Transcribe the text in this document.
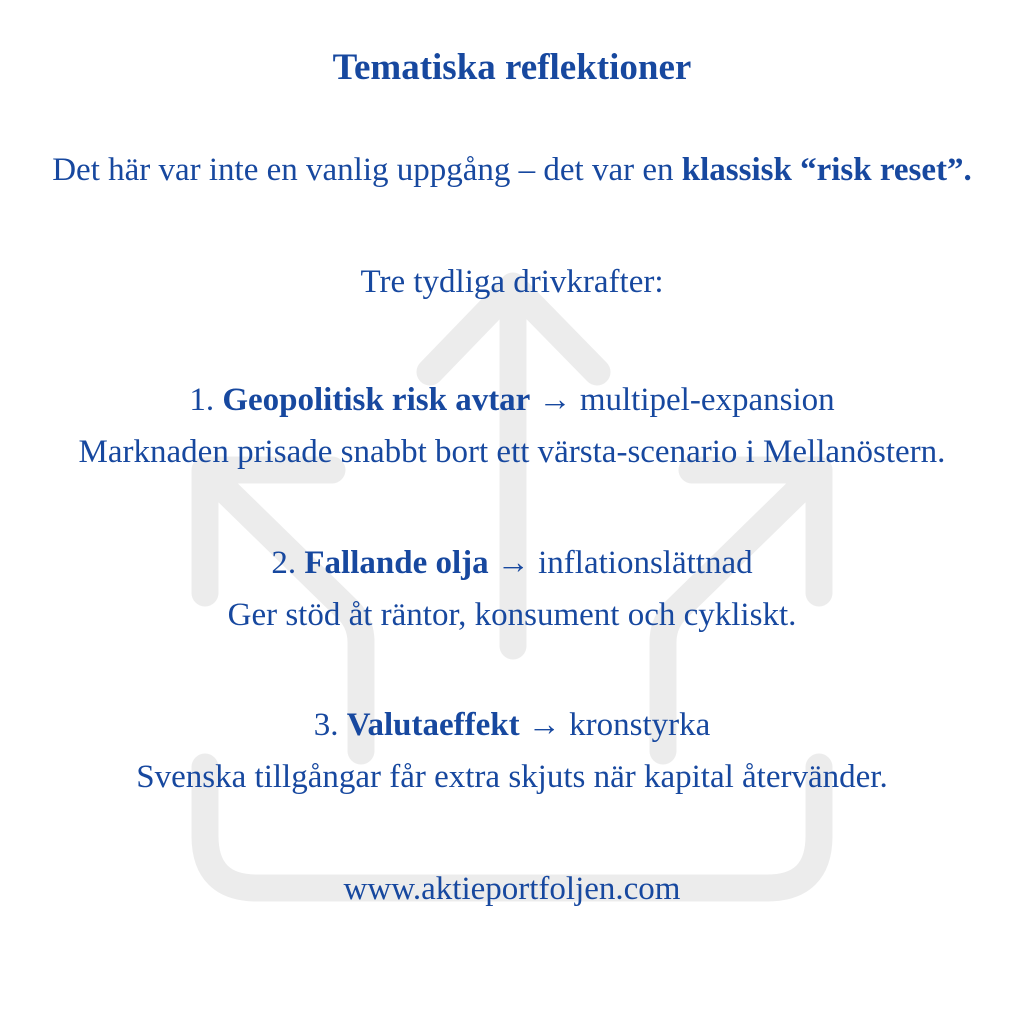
Tematiska reflektioner

Det här var inte en vanlig uppgång – det var en klassisk “risk reset”.

Tre tydliga drivkrafter:

1. Geopolitisk risk avtar → multipel-expansion
Marknaden prisade snabbt bort ett värsta-scenario i Mellanöstern.
2. Fallande olja → inflationslättnad
Ger stöd åt räntor, konsument och cykliskt.
3. Valutaeffekt → kronstyrka
Svenska tillgångar får extra skjuts när kapital återvänder.

www.aktieportfoljen.com
